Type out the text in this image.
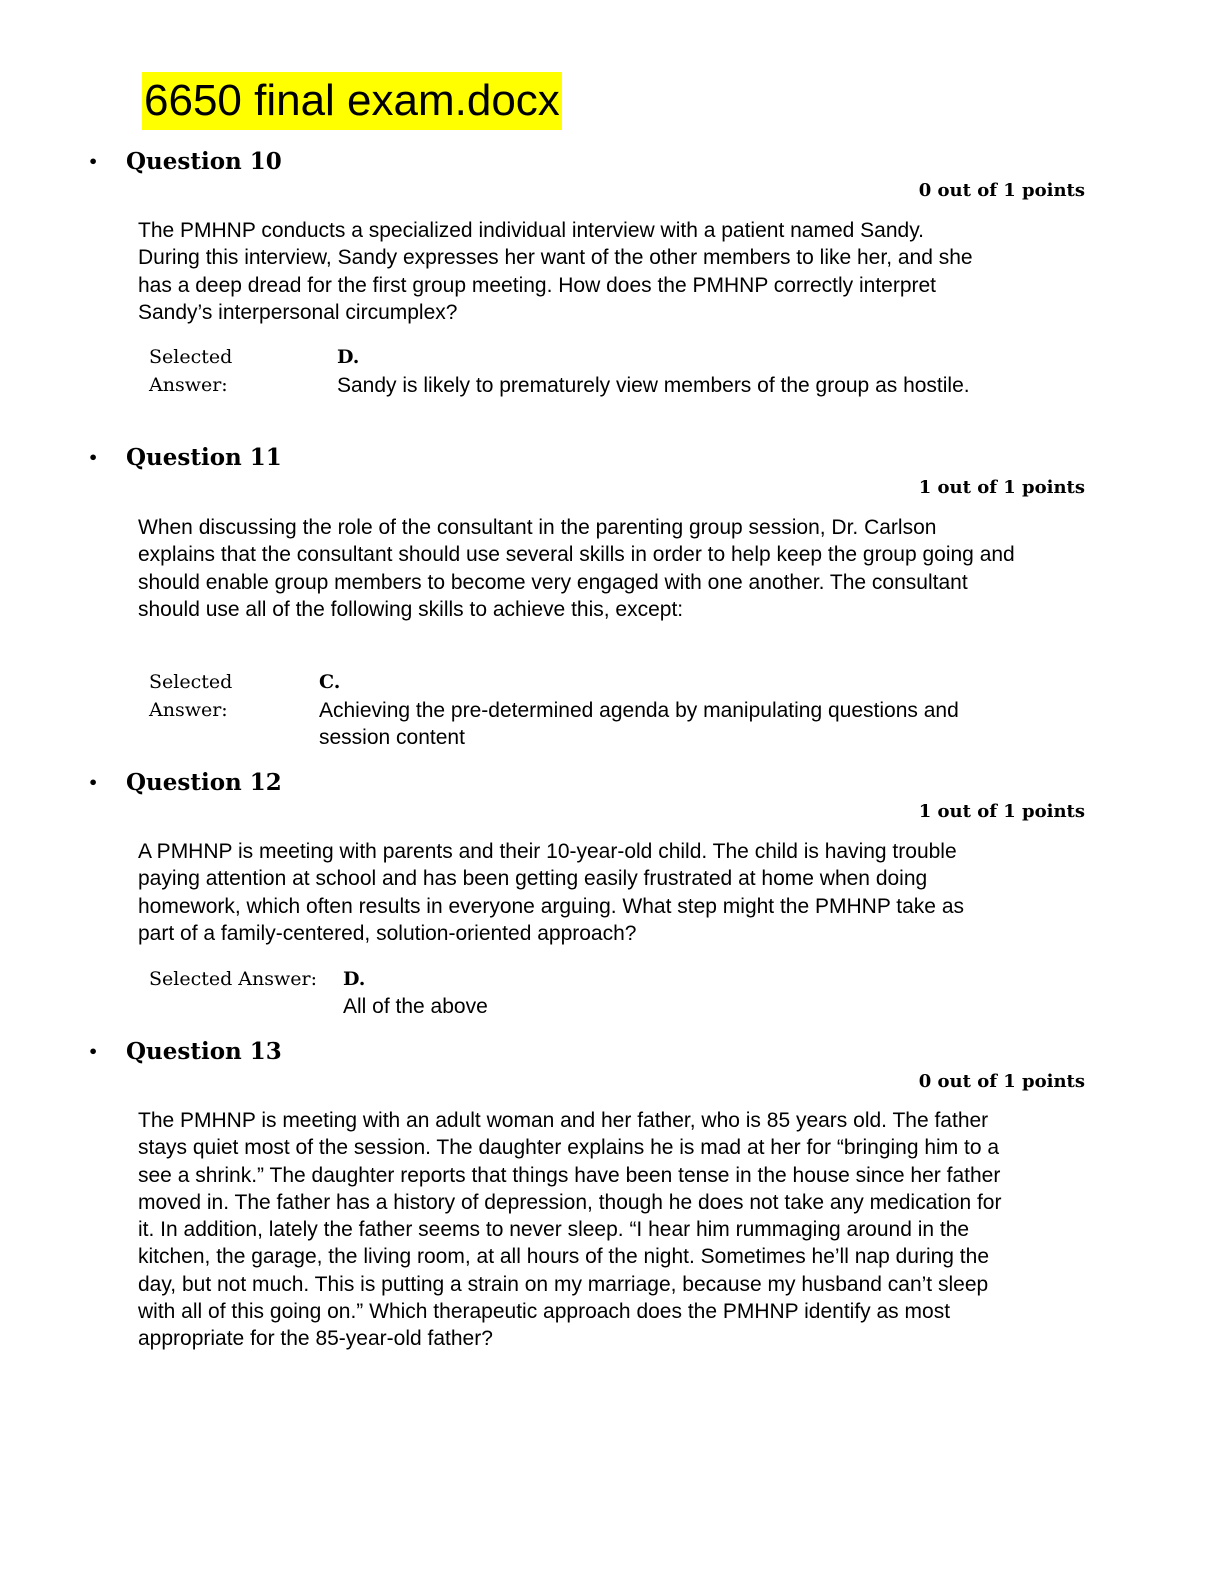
6650 final exam.docx
• Question 10
0 out of 1 points
The PMHNP conducts a specialized individual interview with a patient named Sandy. During this interview, Sandy expresses her want of the other members to like her, and she has a deep dread for the first group meeting. How does the PMHNP correctly interpret Sandy’s interpersonal circumplex?
Selected
Answer:
D.
Sandy is likely to prematurely view members of the group as hostile.
• Question 11
1 out of 1 points
When discussing the role of the consultant in the parenting group session, Dr. Carlson explains that the consultant should use several skills in order to help keep the group going and should enable group members to become very engaged with one another. The consultant should use all of the following skills to achieve this, except:
Selected
Answer:
C.
Achieving the pre-determined agenda by manipulating questions and session content
• Question 12
1 out of 1 points
A PMHNP is meeting with parents and their 10-year-old child. The child is having trouble paying attention at school and has been getting easily frustrated at home when doing homework, which often results in everyone arguing. What step might the PMHNP take as part of a family-centered, solution-oriented approach?
Selected Answer: D.
All of the above
• Question 13
0 out of 1 points
The PMHNP is meeting with an adult woman and her father, who is 85 years old. The father stays quiet most of the session. The daughter explains he is mad at her for “bringing him to a see a shrink.” The daughter reports that things have been tense in the house since her father moved in. The father has a history of depression, though he does not take any medication for it. In addition, lately the father seems to never sleep. “I hear him rummaging around in the kitchen, the garage, the living room, at all hours of the night. Sometimes he’ll nap during the day, but not much. This is putting a strain on my marriage, because my husband can’t sleep with all of this going on.” Which therapeutic approach does the PMHNP identify as most appropriate for the 85-year-old father?
